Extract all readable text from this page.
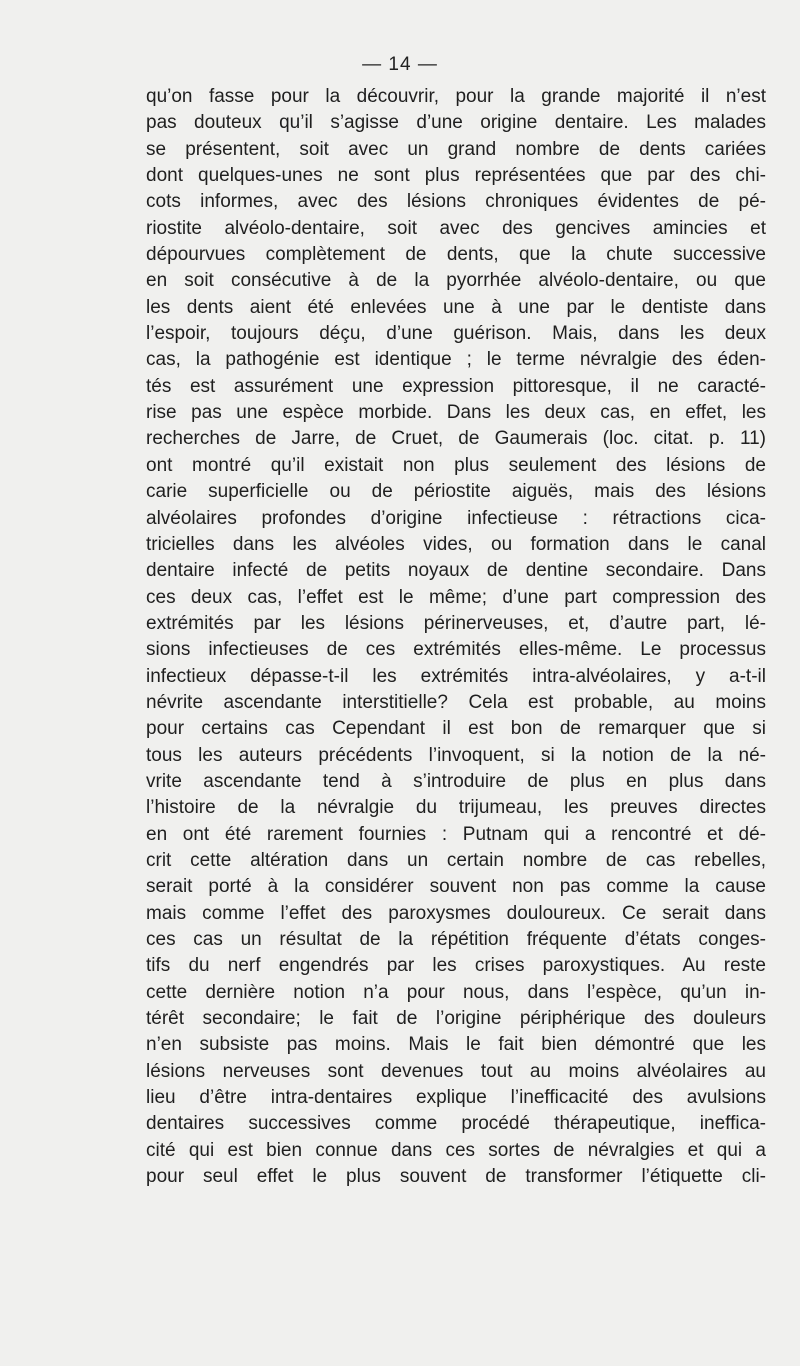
— 14 —
qu’on fasse pour la découvrir, pour la grande majorité il n’est
pas douteux qu’il s’agisse d’une origine dentaire. Les malades
se présentent, soit avec un grand nombre de dents cariées
dont quelques-unes ne sont plus représentées que par des chi-
cots informes, avec des lésions chroniques évidentes de pé-
riostite alvéolo-dentaire, soit avec des gencives amincies et
dépourvues complètement de dents, que la chute successive
en soit consécutive à de la pyorrhée alvéolo-dentaire, ou que
les dents aient été enlevées une à une par le dentiste dans
l’espoir, toujours déçu, d’une guérison. Mais, dans les deux
cas, la pathogénie est identique ; le terme névralgie des éden-
tés est assurément une expression pittoresque, il ne caracté-
rise pas une espèce morbide. Dans les deux cas, en effet, les
recherches de Jarre, de Cruet, de Gaumerais (loc. citat. p. 11)
ont montré qu’il existait non plus seulement des lésions de
carie superficielle ou de périostite aiguës, mais des lésions
alvéolaires profondes d’origine infectieuse : rétractions cica-
tricielles dans les alvéoles vides, ou formation dans le canal
dentaire infecté de petits noyaux de dentine secondaire. Dans
ces deux cas, l’effet est le même; d’une part compression des
extrémités par les lésions périnerveuses, et, d’autre part, lé-
sions infectieuses de ces extrémités elles-même. Le processus
infectieux dépasse-t-il les extrémités intra-alvéolaires, y a-t-il
névrite ascendante interstitielle? Cela est probable, au moins
pour certains cas Cependant il est bon de remarquer que si
tous les auteurs précédents l’invoquent, si la notion de la né-
vrite ascendante tend à s’introduire de plus en plus dans
l’histoire de la névralgie du trijumeau, les preuves directes
en ont été rarement fournies : Putnam qui a rencontré et dé-
crit cette altération dans un certain nombre de cas rebelles,
serait porté à la considérer souvent non pas comme la cause
mais comme l’effet des paroxysmes douloureux. Ce serait dans
ces cas un résultat de la répétition fréquente d’états conges-
tifs du nerf engendrés par les crises paroxystiques. Au reste
cette dernière notion n’a pour nous, dans l’espèce, qu’un in-
térêt secondaire; le fait de l’origine périphérique des douleurs
n’en subsiste pas moins. Mais le fait bien démontré que les
lésions nerveuses sont devenues tout au moins alvéolaires au
lieu d’être intra-dentaires explique l’inefficacité des avulsions
dentaires successives comme procédé thérapeutique, ineffica-
cité qui est bien connue dans ces sortes de névralgies et qui a
pour seul effet le plus souvent de transformer l’étiquette cli-
